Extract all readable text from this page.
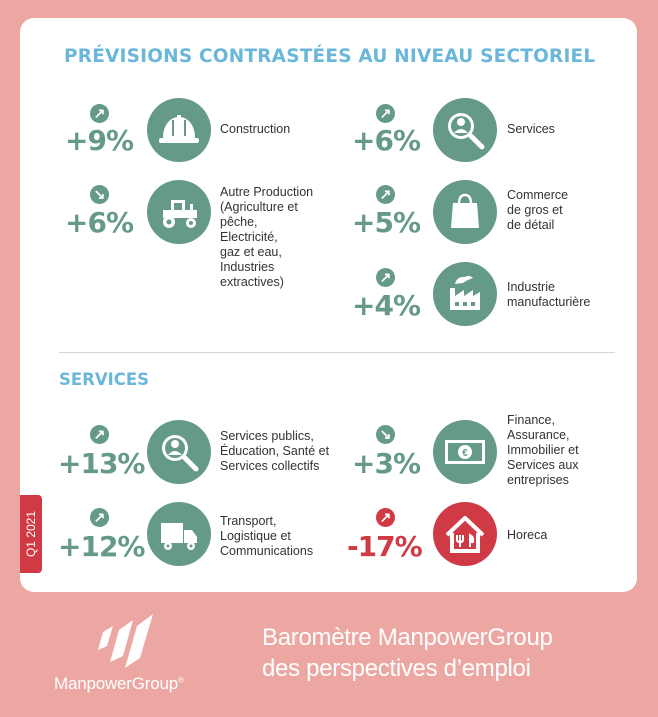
PRÉVISIONS CONTRASTÉES AU NIVEAU SECTORIEL
↗
+9%	Construction
↗
+6%	Services
↘
+6%
Autre Production
(Agriculture et
pêche,
Electricité,
gaz et eau,
Industries
extractives)
↗
+5%
Commerce
de gros et
de détail
↗
+4%
Industrie
manufacturière
SERVICES
↗
+13%
Services publics,
Éducation, Santé et
Services collectifs
↘
+3%	€
Finance,
Assurance,
Immobilier et
Services aux
entreprises
↗
+12%
Transport,
Logistique et
Communications
↗
-17%	Horeca
Q1 2021
ManpowerGroup®
Baromètre ManpowerGroup
des perspectives d’emploi
